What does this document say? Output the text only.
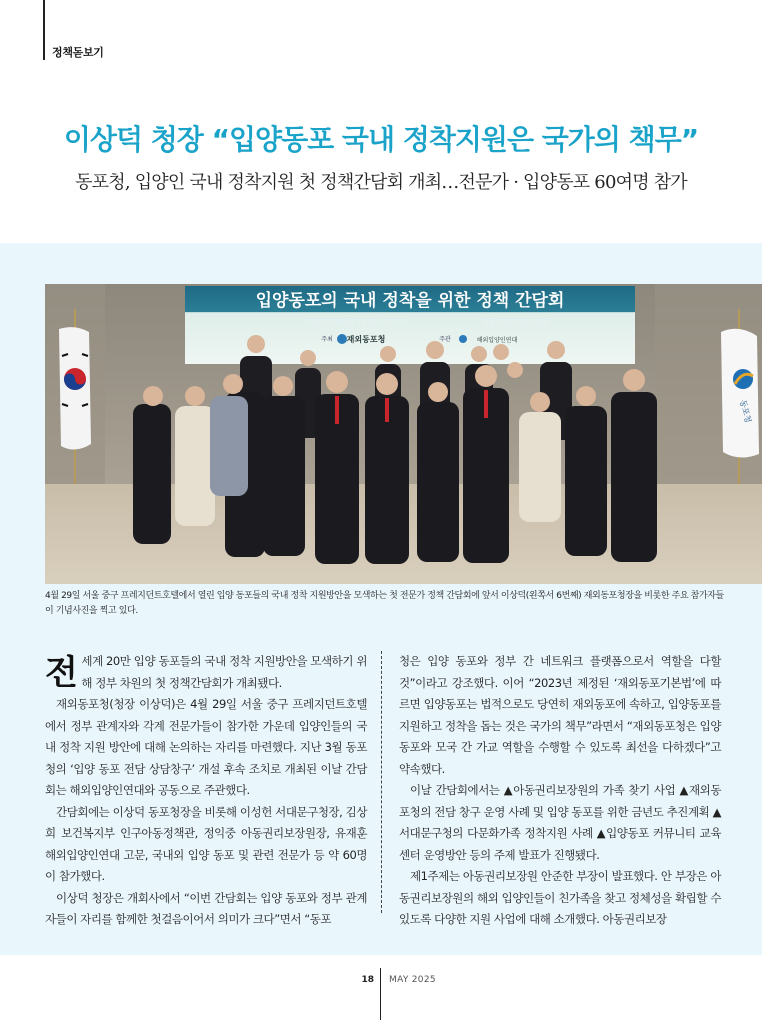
정책돋보기
이상덕 청장 “입양동포 국내 정착지원은 국가의 책무”
동포청, 입양인 국내 정착지원 첫 정책간담회 개최…전문가 · 입양동포 60여명 참가
입양동포의 국내 정착을 위한 정책 간담회
2025.4.29(화) 14:00~17:10	서울 프레지던트 호텔
주최 재외동포청	주관	해외입양인연대
동포청
4월 29일 서울 중구 프레지던트호텔에서 열린 입양 동포들의 국내 정착 지원방안을 모색하는 첫 전문가 정책 간담회에 앞서 이상덕(왼쪽서 6번째) 재외동포청장을 비롯한 주요 참가자들이 기념사진을 찍고 있다.

전세계 20만 입양 동포들의 국내 정착 지원방안을 모색하기 위해 정부 차원의 첫 정책간담회가 개최됐다.

재외동포청(청장 이상덕)은 4월 29일 서울 중구 프레지던트호텔에서 정부 관계자와 각계 전문가들이 참가한 가운데 입양인들의 국내 정착 지원 방안에 대해 논의하는 자리를 마련했다. 지난 3월 동포청의 ‘입양 동포 전담 상담창구’ 개설 후속 조치로 개최된 이날 간담회는 해외입양인연대와 공동으로 주관했다.

간담회에는 이상덕 동포청장을 비롯해 이성헌 서대문구청장, 김상희 보건복지부 인구아동정책관, 정익중 아동권리보장원장, 유재훈 해외입양인연대 고문, 국내외 입양 동포 및 관련 전문가 등 약 60명이 참가했다.

이상덕 청장은 개회사에서 “이번 간담회는 입양 동포와 정부 관계자들이 자리를 함께한 첫걸음이어서 의미가 크다”면서 “동포

청은 입양 동포와 정부 간 네트워크 플랫폼으로서 역할을 다할 것”이라고 강조했다. 이어 “2023년 제정된 ‘재외동포기본법’에 따르면 입양동포는 법적으로도 당연히 재외동포에 속하고, 입양동포를 지원하고 정착을 돕는 것은 국가의 책무”라면서 “재외동포청은 입양동포와 모국 간 가교 역할을 수행할 수 있도록 최선을 다하겠다”고 약속했다.

이날 간담회에서는 ▲아동권리보장원의 가족 찾기 사업 ▲재외동포청의 전담 창구 운영 사례 및 입양 동포를 위한 금년도 추진계획 ▲서대문구청의 다문화가족 정착지원 사례 ▲입양동포 커뮤니티 교육센터 운영방안 등의 주제 발표가 진행됐다.

제1주제는 아동권리보장원 안준한 부장이 발표했다. 안 부장은 아동권리보장원의 해외 입양인들이 친가족을 찾고 정체성을 확립할 수 있도록 다양한 지원 사업에 대해 소개했다. 아동권리보장

18 MAY 2025
